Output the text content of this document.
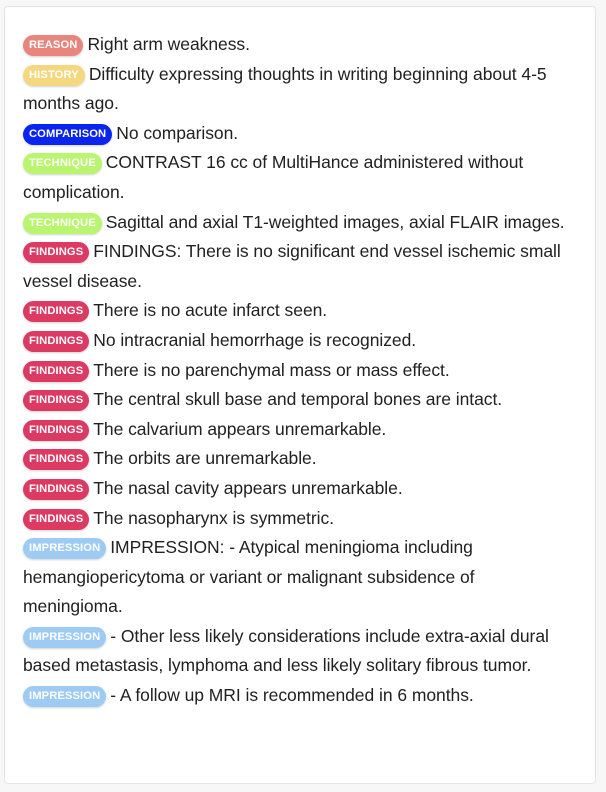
REASON Right arm weakness.
HISTORY Difficulty expressing thoughts in writing beginning about 4-5 months ago.
COMPARISON No comparison.
TECHNIQUE CONTRAST 16 cc of MultiHance administered without complication.
TECHNIQUE Sagittal and axial T1-weighted images, axial FLAIR images.
FINDINGS FINDINGS: There is no significant end vessel ischemic small vessel disease.
FINDINGS There is no acute infarct seen.
FINDINGS No intracranial hemorrhage is recognized.
FINDINGS There is no parenchymal mass or mass effect.
FINDINGS The central skull base and temporal bones are intact.
FINDINGS The calvarium appears unremarkable.
FINDINGS The orbits are unremarkable.
FINDINGS The nasal cavity appears unremarkable.
FINDINGS The nasopharynx is symmetric.
IMPRESSION IMPRESSION: - Atypical meningioma including hemangiopericytoma or variant or malignant subsidence of meningioma.
IMPRESSION - Other less likely considerations include extra-axial dural based metastasis, lymphoma and less likely solitary fibrous tumor.
IMPRESSION - A follow up MRI is recommended in 6 months.
